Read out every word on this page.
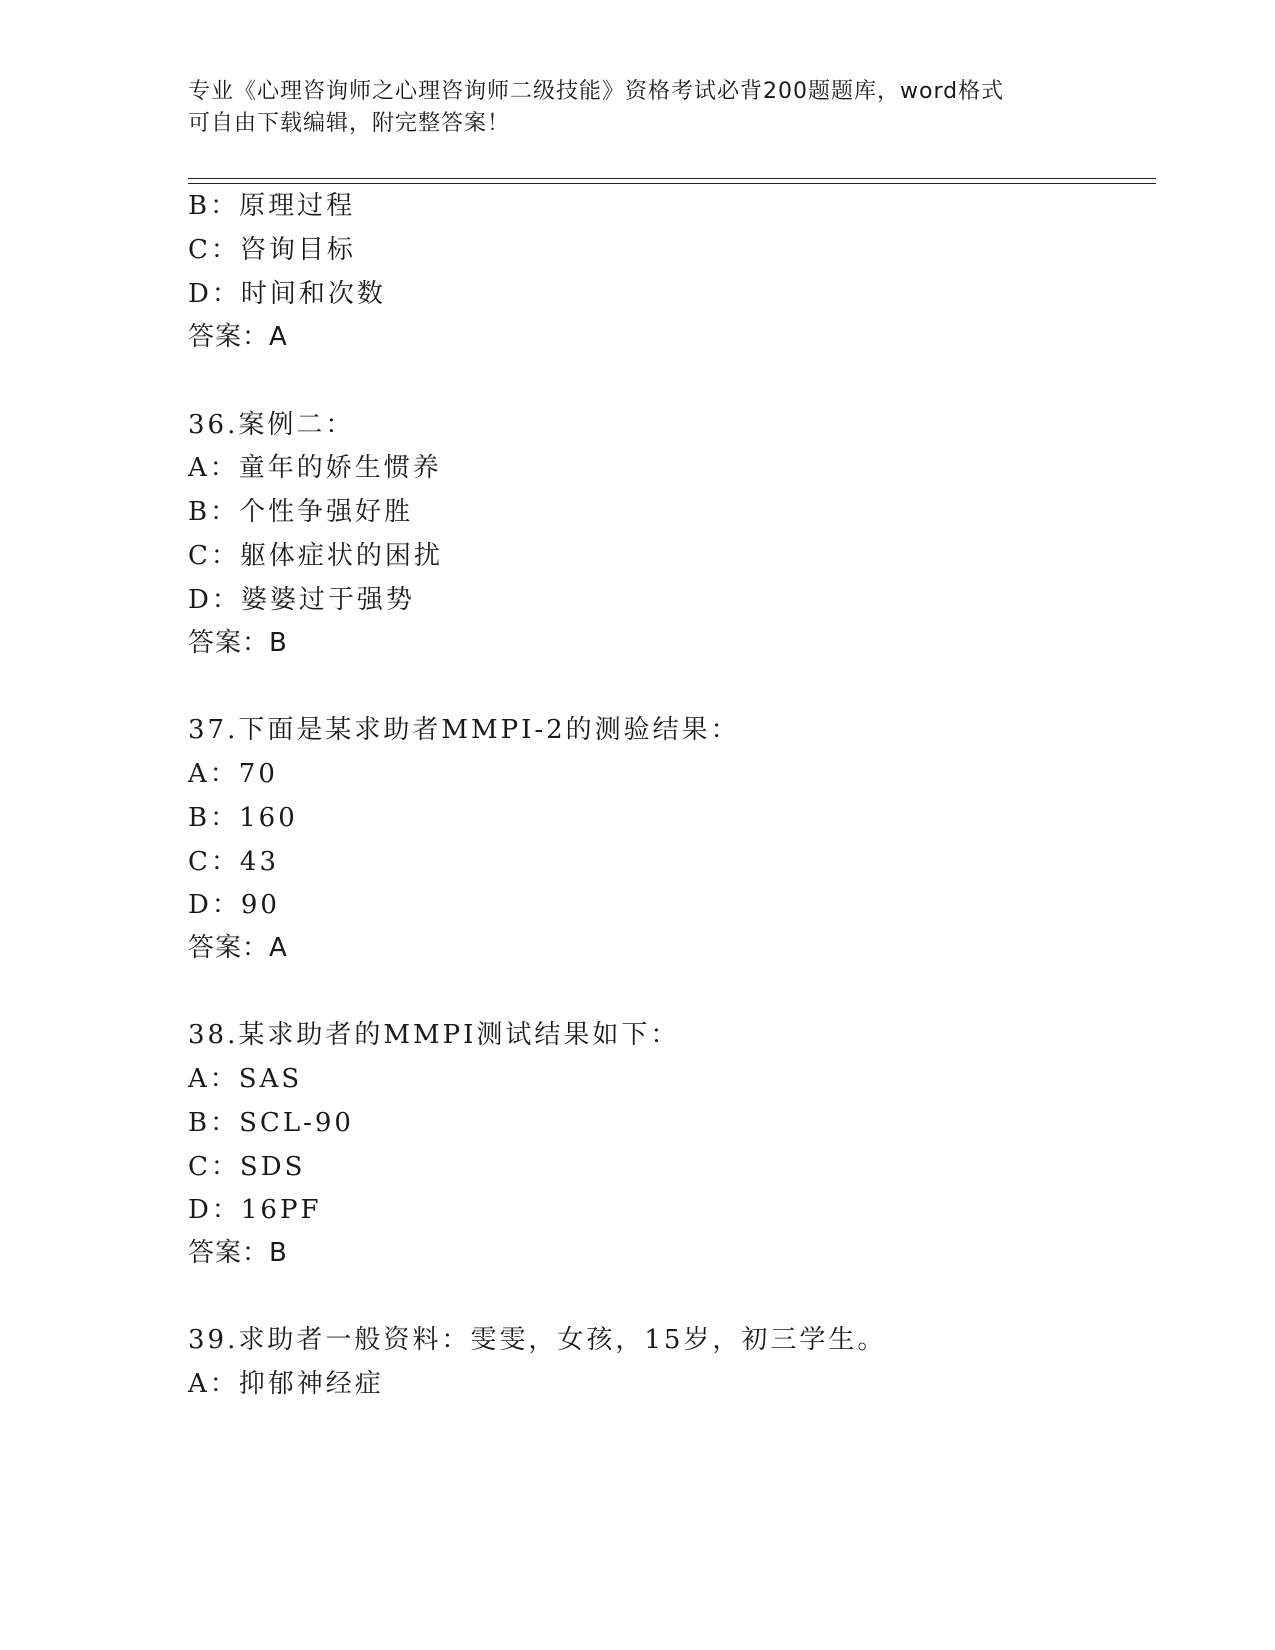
专业《心理咨询师之心理咨询师二级技能》资格考试必背200题题库，word格式
可自由下载编辑，附完整答案！
B：原理过程
C：咨询目标
D：时间和次数
答案：A
36.案例二：
A：童年的娇生惯养
B：个性争强好胜
C：躯体症状的困扰
D：婆婆过于强势
答案：B
37.下面是某求助者MMPI-2的测验结果：
A：70
B：160
C：43
D：90
答案：A
38.某求助者的MMPI测试结果如下：
A：SAS
B：SCL-90
C：SDS
D：16PF
答案：B
39.求助者一般资料：雯雯，女孩，15岁，初三学生。
A：抑郁神经症
